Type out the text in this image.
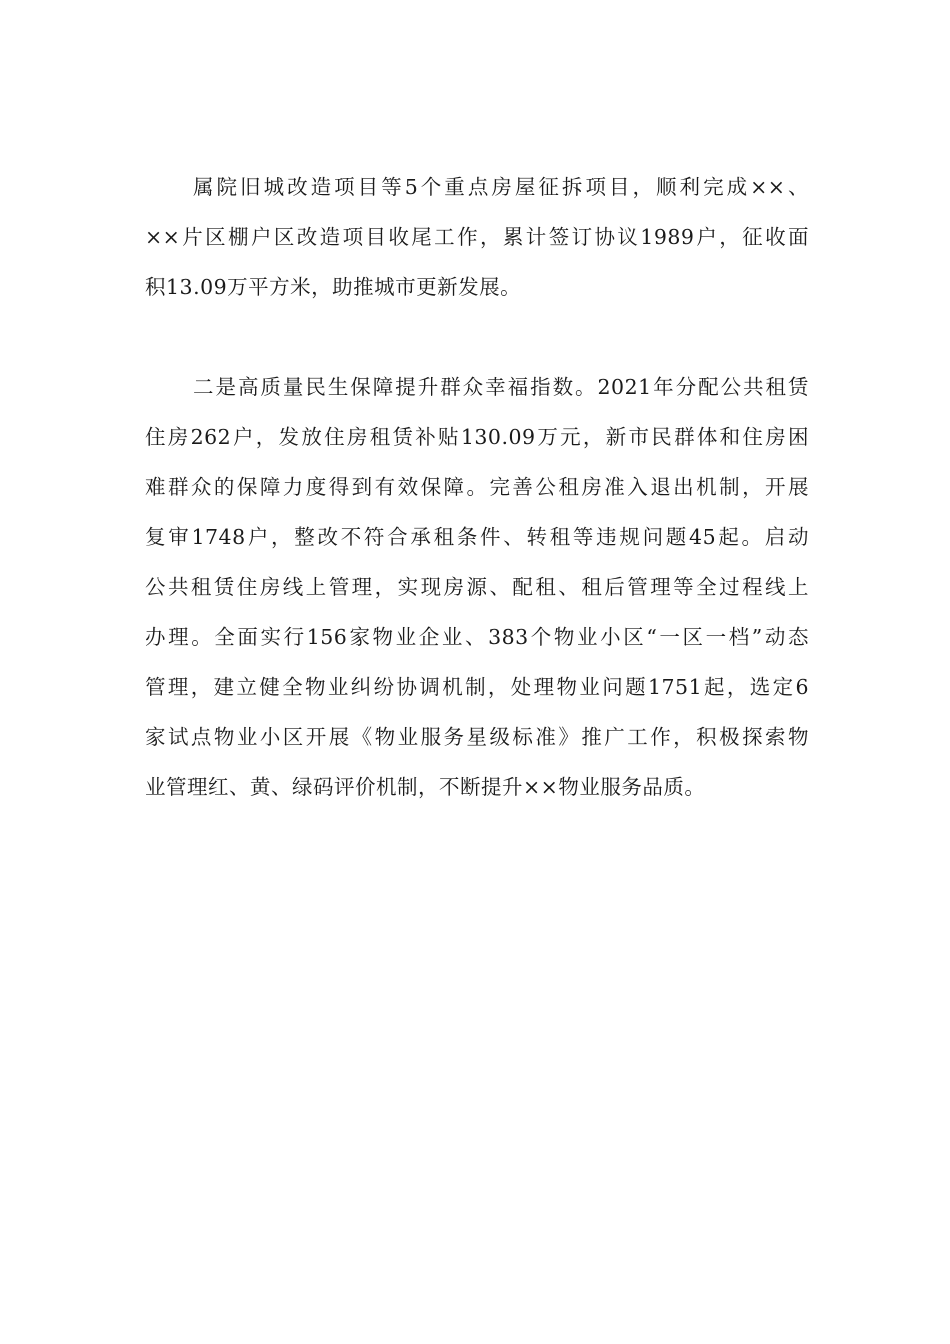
属院旧城改造项目等5个重点房屋征拆项目，顺利完成××、
××片区棚户区改造项目收尾工作，累计签订协议1989户，征收面
积13.09万平方米，助推城市更新发展。
二是高质量民生保障提升群众幸福指数。2021年分配公共租赁
住房262户，发放住房租赁补贴130.09万元，新市民群体和住房困
难群众的保障力度得到有效保障。完善公租房准入退出机制，开展
复审1748户，整改不符合承租条件、转租等违规问题45起。启动
公共租赁住房线上管理，实现房源、配租、租后管理等全过程线上
办理。全面实行156家物业企业、383个物业小区“一区一档”动态
管理，建立健全物业纠纷协调机制，处理物业问题1751起，选定6
家试点物业小区开展《物业服务星级标准》推广工作，积极探索物
业管理红、黄、绿码评价机制，不断提升××物业服务品质。
